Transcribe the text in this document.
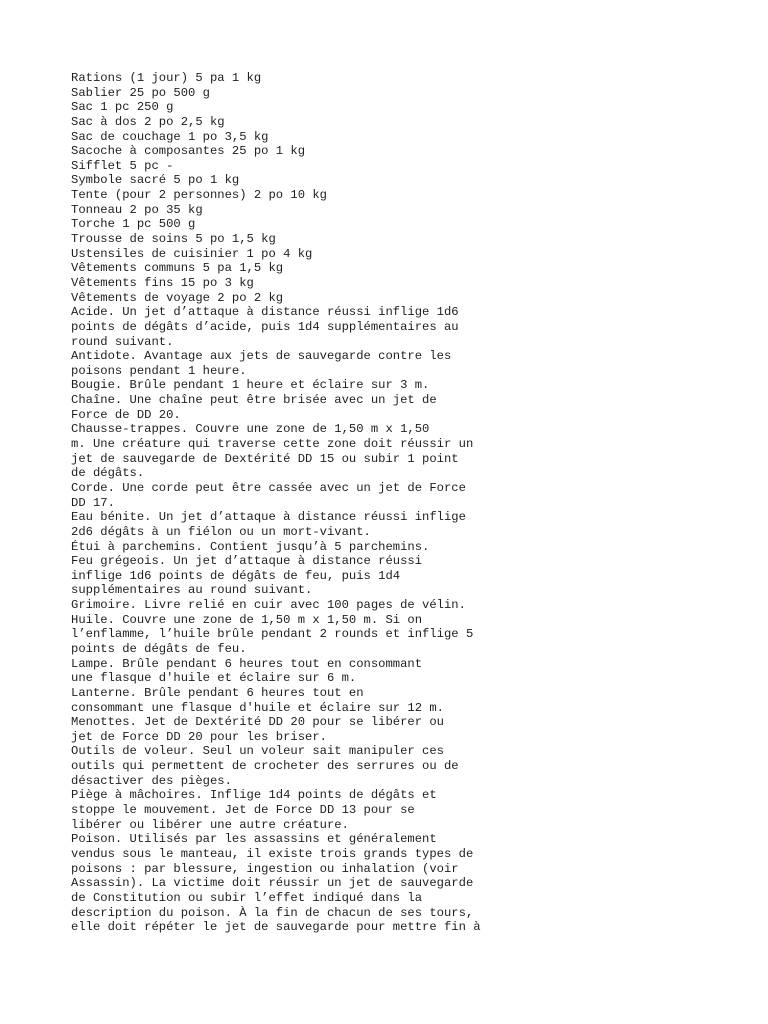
Rations (1 jour) 5 pa 1 kg

Sablier 25 po 500 g

Sac 1 pc 250 g

Sac à dos 2 po 2,5 kg

Sac de couchage 1 po 3,5 kg

Sacoche à composantes 25 po 1 kg

Sifflet 5 pc -

Symbole sacré 5 po 1 kg

Tente (pour 2 personnes) 2 po 10 kg

Tonneau 2 po 35 kg

Torche 1 pc 500 g

Trousse de soins 5 po 1,5 kg

Ustensiles de cuisinier 1 po 4 kg

Vêtements communs 5 pa 1,5 kg

Vêtements fins 15 po 3 kg

Vêtements de voyage 2 po 2 kg

Acide. Un jet d’attaque à distance réussi inflige 1d6

points de dégâts d’acide, puis 1d4 supplémentaires au

round suivant.

Antidote. Avantage aux jets de sauvegarde contre les

poisons pendant 1 heure.

Bougie. Brûle pendant 1 heure et éclaire sur 3 m.

Chaîne. Une chaîne peut être brisée avec un jet de

Force de DD 20.

Chausse-trappes. Couvre une zone de 1,50 m x 1,50

m. Une créature qui traverse cette zone doit réussir un

jet de sauvegarde de Dextérité DD 15 ou subir 1 point

de dégâts.

Corde. Une corde peut être cassée avec un jet de Force

DD 17.

Eau bénite. Un jet d’attaque à distance réussi inflige

2d6 dégâts à un fiélon ou un mort-vivant.

Étui à parchemins. Contient jusqu’à 5 parchemins.

Feu grégeois. Un jet d’attaque à distance réussi

inflige 1d6 points de dégâts de feu, puis 1d4

supplémentaires au round suivant.

Grimoire. Livre relié en cuir avec 100 pages de vélin.

Huile. Couvre une zone de 1,50 m x 1,50 m. Si on

l’enflamme, l’huile brûle pendant 2 rounds et inflige 5

points de dégâts de feu.

Lampe. Brûle pendant 6 heures tout en consommant

une flasque d'huile et éclaire sur 6 m.

Lanterne. Brûle pendant 6 heures tout en

consommant une flasque d'huile et éclaire sur 12 m.

Menottes. Jet de Dextérité DD 20 pour se libérer ou

jet de Force DD 20 pour les briser.

Outils de voleur. Seul un voleur sait manipuler ces

outils qui permettent de crocheter des serrures ou de

désactiver des pièges.

Piège à mâchoires. Inflige 1d4 points de dégâts et

stoppe le mouvement. Jet de Force DD 13 pour se

libérer ou libérer une autre créature.

Poison. Utilisés par les assassins et généralement

vendus sous le manteau, il existe trois grands types de

poisons : par blessure, ingestion ou inhalation (voir

Assassin). La victime doit réussir un jet de sauvegarde

de Constitution ou subir l’effet indiqué dans la

description du poison. À la fin de chacun de ses tours,

elle doit répéter le jet de sauvegarde pour mettre fin à
